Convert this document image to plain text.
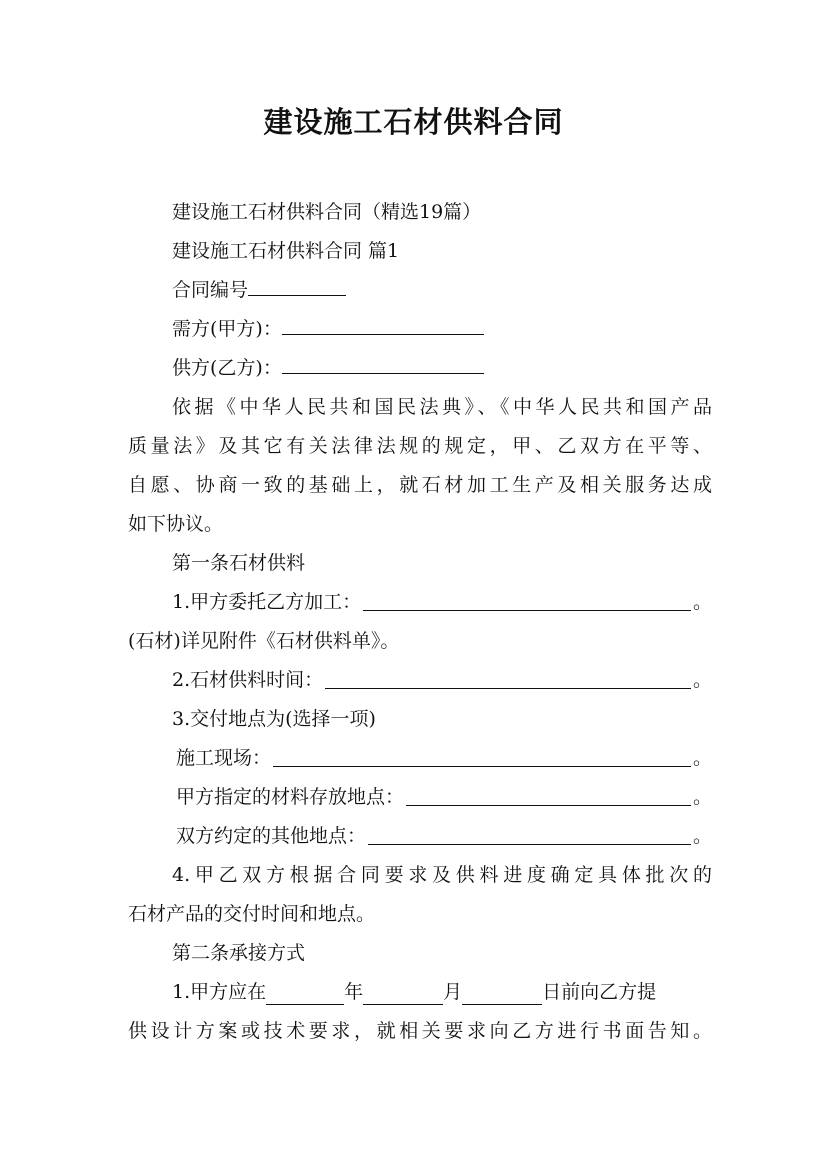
建设施工石材供料合同
建设施工石材供料合同（精选19篇）
建设施工石材供料合同 篇1
合同编号
需方(甲方)：
供方(乙方)：
依据《中华人民共和国民法典》、《中华人民共和国产品
质量法》及其它有关法律法规的规定，甲、乙双方在平等、
自愿、协商一致的基础上，就石材加工生产及相关服务达成
如下协议。
第一条石材供料
1.甲方委托乙方加工：	。
(石材)详见附件《石材供料单》。
2.石材供料时间：	。
3.交付地点为(选择一项)
施工现场：	。
甲方指定的材料存放地点：	。
双方约定的其他地点：	。
4.甲乙双方根据合同要求及供料进度确定具体批次的
石材产品的交付时间和地点。
第二条承接方式
1.甲方应在	年	月	日前向乙方提
供设计方案或技术要求，就相关要求向乙方进行书面告知。
